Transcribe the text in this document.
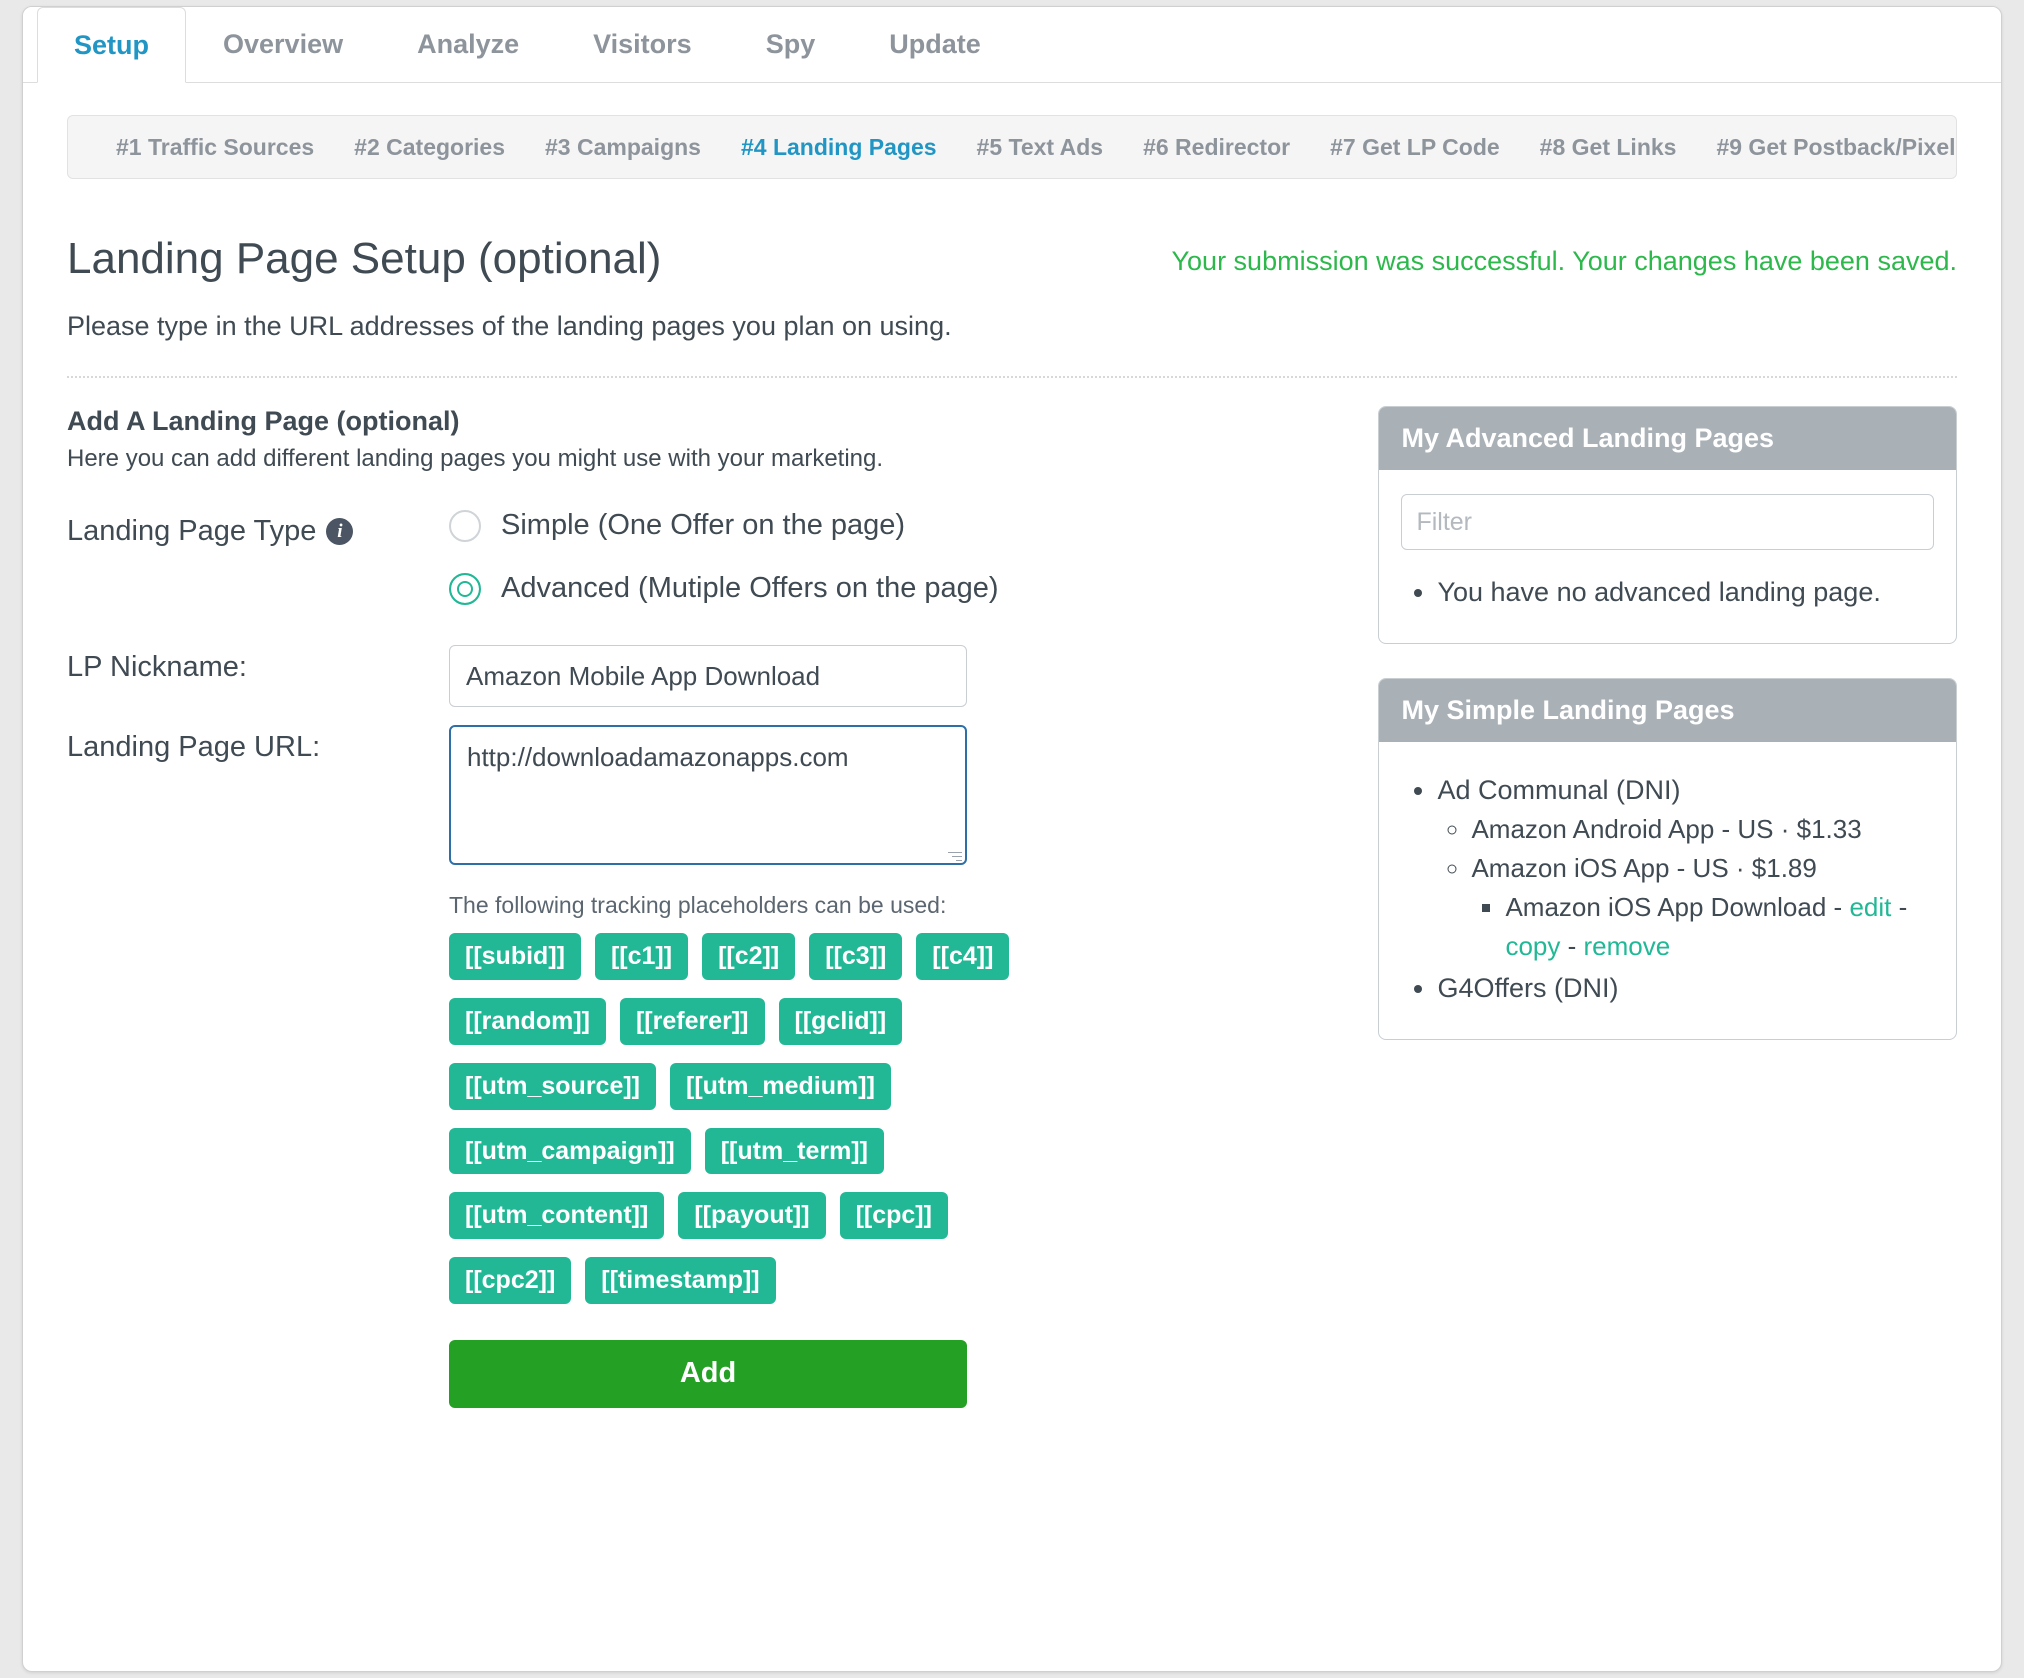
Setup	Overview	Analyze	Visitors	Spy	Update
#1 Traffic Sources	#2 Categories	#3 Campaigns	#4 Landing Pages	#5 Text Ads	#6 Redirector	#7 Get LP Code	#8 Get Links	#9 Get Postback/Pixel
Landing Page Setup (optional)	Your submission was successful. Your changes have been saved.
Please type in the URL addresses of the landing pages you plan on using.
Add A Landing Page (optional)
Here you can add different landing pages you might use with your marketing.
Landing Page Type	i	Simple (One Offer on the page)
Advanced (Mutiple Offers on the page)
LP Nickname:
Amazon Mobile App Download
Landing Page URL:
http://downloadamazonapps.com
The following tracking placeholders can be used:
[[subid]]	[[c1]]	[[c2]]	[[c3]]	[[c4]]
[[random]]	[[referer]]	[[gclid]]
[[utm_source]]	[[utm_medium]]
[[utm_campaign]]	[[utm_term]]
[[utm_content]]	[[payout]]	[[cpc]]
[[cpc2]]	[[timestamp]]
Add
My Advanced Landing Pages
Filter
• You have no advanced landing page.
My Simple Landing Pages
• Ad Communal (DNI)
◦ Amazon Android App - US · $1.33
◦ Amazon iOS App - US · $1.89
▪ Amazon iOS App Download - edit - copy - remove
• G4Offers (DNI)
